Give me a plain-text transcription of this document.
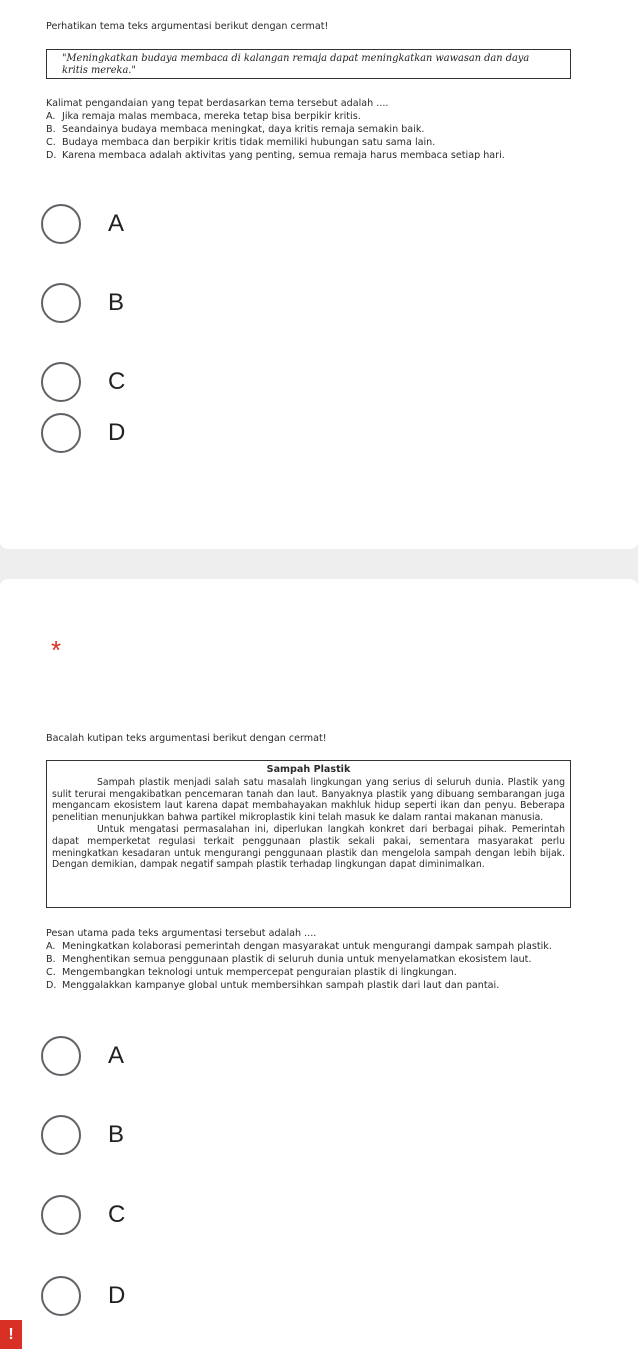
Perhatikan tema teks argumentasi berikut dengan cermat!
"Meningkatkan budaya membaca di kalangan remaja dapat meningkatkan wawasan dan daya kritis mereka."
Kalimat pengandaian yang tepat berdasarkan tema tersebut adalah ....
A. Jika remaja malas membaca, mereka tetap bisa berpikir kritis.
B. Seandainya budaya membaca meningkat, daya kritis remaja semakin baik.
C. Budaya membaca dan berpikir kritis tidak memiliki hubungan satu sama lain.
D. Karena membaca adalah aktivitas yang penting, semua remaja harus membaca setiap hari.
A
B
C
D
*
Bacalah kutipan teks argumentasi berikut dengan cermat!
Sampah Plastik

Sampah plastik menjadi salah satu masalah lingkungan yang serius di seluruh dunia. Plastik yang sulit terurai mengakibatkan pencemaran tanah dan laut. Banyaknya plastik yang dibuang sembarangan juga mengancam ekosistem laut karena dapat membahayakan makhluk hidup seperti ikan dan penyu. Beberapa penelitian menunjukkan bahwa partikel mikroplastik kini telah masuk ke dalam rantai makanan manusia.

Untuk mengatasi permasalahan ini, diperlukan langkah konkret dari berbagai pihak. Pemerintah dapat memperketat regulasi terkait penggunaan plastik sekali pakai, sementara masyarakat perlu meningkatkan kesadaran untuk mengurangi penggunaan plastik dan mengelola sampah dengan lebih bijak. Dengan demikian, dampak negatif sampah plastik terhadap lingkungan dapat diminimalkan.

Pesan utama pada teks argumentasi tersebut adalah ....
A. Meningkatkan kolaborasi pemerintah dengan masyarakat untuk mengurangi dampak sampah plastik.
B. Menghentikan semua penggunaan plastik di seluruh dunia untuk menyelamatkan ekosistem laut.
C. Mengembangkan teknologi untuk mempercepat penguraian plastik di lingkungan.
D. Menggalakkan kampanye global untuk membersihkan sampah plastik dari laut dan pantai.
A
B
C
D
!
